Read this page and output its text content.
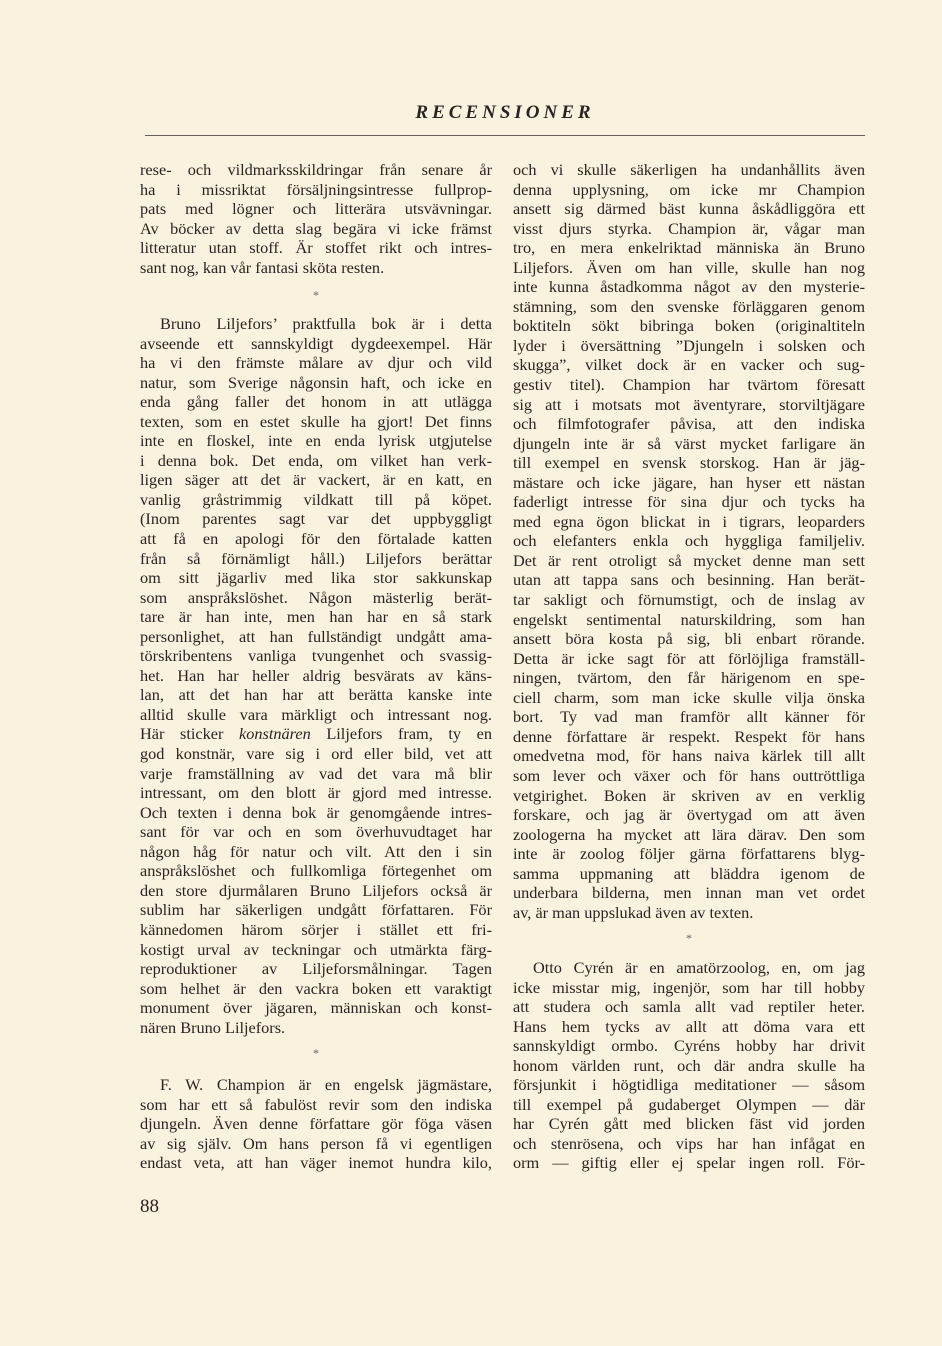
RECENSIONER
rese- och vildmarksskildringar från senare år
ha i missriktat försäljningsintresse fullprop-
pats med lögner och litterära utsvävningar.
Av böcker av detta slag begära vi icke främst
litteratur utan stoff. Är stoffet rikt och intres-
sant nog, kan vår fantasi sköta resten.
*
Bruno Liljefors’ praktfulla bok är i detta
avseende ett sannskyldigt dygdeexempel. Här
ha vi den främste målare av djur och vild
natur, som Sverige någonsin haft, och icke en
enda gång faller det honom in att utlägga
texten, som en estet skulle ha gjort! Det finns
inte en floskel, inte en enda lyrisk utgjutelse
i denna bok. Det enda, om vilket han verk-
ligen säger att det är vackert, är en katt, en
vanlig gråstrimmig vildkatt till på köpet.
(Inom parentes sagt var det uppbyggligt
att få en apologi för den förtalade katten
från så förnämligt håll.) Liljefors berättar
om sitt jägarliv med lika stor sakkunskap
som anspråkslöshet. Någon mästerlig berät-
tare är han inte, men han har en så stark
personlighet, att han fullständigt undgått ama-
törskribentens vanliga tvungenhet och svassig-
het. Han har heller aldrig besvärats av käns-
lan, att det han har att berätta kanske inte
alltid skulle vara märkligt och intressant nog.
Här sticker konstnären Liljefors fram, ty en
god konstnär, vare sig i ord eller bild, vet att
varje framställning av vad det vara må blir
intressant, om den blott är gjord med intresse.
Och texten i denna bok är genomgående intres-
sant för var och en som överhuvudtaget har
någon håg för natur och vilt. Att den i sin
anspråkslöshet och fullkomliga förtegenhet om
den store djurmålaren Bruno Liljefors också är
sublim har säkerligen undgått författaren. För
kännedomen härom sörjer i stället ett fri-
kostigt urval av teckningar och utmärkta färg-
reproduktioner av Liljeforsmålningar. Tagen
som helhet är den vackra boken ett varaktigt
monument över jägaren, människan och konst-
nären Bruno Liljefors.
*
F. W. Champion är en engelsk jägmästare,
som har ett så fabulöst revir som den indiska
djungeln. Även denne författare gör föga väsen
av sig själv. Om hans person få vi egentligen
endast veta, att han väger inemot hundra kilo,
och vi skulle säkerligen ha undanhållits även
denna upplysning, om icke mr Champion
ansett sig därmed bäst kunna åskådliggöra ett
visst djurs styrka. Champion är, vågar man
tro, en mera enkelriktad människa än Bruno
Liljefors. Även om han ville, skulle han nog
inte kunna åstadkomma något av den mysterie-
stämning, som den svenske förläggaren genom
boktiteln sökt bibringa boken (originaltiteln
lyder i översättning ”Djungeln i solsken och
skugga”, vilket dock är en vacker och sug-
gestiv titel). Champion har tvärtom föresatt
sig att i motsats mot äventyrare, storviltjägare
och filmfotografer påvisa, att den indiska
djungeln inte är så värst mycket farligare än
till exempel en svensk storskog. Han är jäg-
mästare och icke jägare, han hyser ett nästan
faderligt intresse för sina djur och tycks ha
med egna ögon blickat in i tigrars, leoparders
och elefanters enkla och hyggliga familjeliv.
Det är rent otroligt så mycket denne man sett
utan att tappa sans och besinning. Han berät-
tar sakligt och förnumstigt, och de inslag av
engelskt sentimental naturskildring, som han
ansett böra kosta på sig, bli enbart rörande.
Detta är icke sagt för att förlöjliga framställ-
ningen, tvärtom, den får härigenom en spe-
ciell charm, som man icke skulle vilja önska
bort. Ty vad man framför allt känner för
denne författare är respekt. Respekt för hans
omedvetna mod, för hans naiva kärlek till allt
som lever och växer och för hans outtröttliga
vetgirighet. Boken är skriven av en verklig
forskare, och jag är övertygad om att även
zoologerna ha mycket att lära därav. Den som
inte är zoolog följer gärna författarens blyg-
samma uppmaning att bläddra igenom de
underbara bilderna, men innan man vet ordet
av, är man uppslukad även av texten.
*
Otto Cyrén är en amatörzoolog, en, om jag
icke misstar mig, ingenjör, som har till hobby
att studera och samla allt vad reptiler heter.
Hans hem tycks av allt att döma vara ett
sannskyldigt ormbo. Cyréns hobby har drivit
honom världen runt, och där andra skulle ha
försjunkit i högtidliga meditationer — såsom
till exempel på gudaberget Olympen — där
har Cyrén gått med blicken fäst vid jorden
och stenrösena, och vips har han infågat en
orm — giftig eller ej spelar ingen roll. För-
88
